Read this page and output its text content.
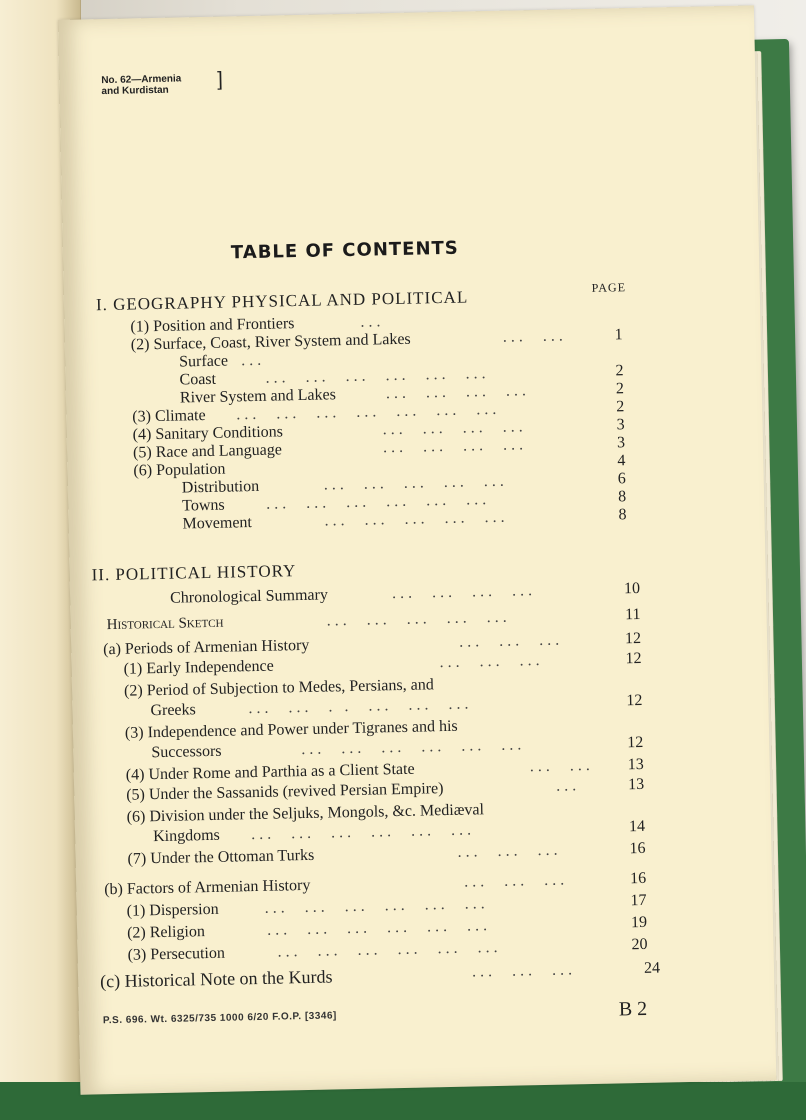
No. 62—Armenia
and Kurdistan
]
TABLE OF CONTENTS
I. GEOGRAPHY PHYSICAL AND POLITICAL	PAGE
(1) Position and Frontiers	...
(2) Surface, Coast, River System and Lakes	...  ...	1
Surface ...
Coast	...  ...  ...  ...  ...  ...	2
River System and Lakes	...  ...  ...  ...	2
(3) Climate ...  ...  ...  ...  ...  ...  ...	2
(4) Sanitary Conditions	...  ...  ...  ...	3
(5) Race and Language	...  ...  ...  ...	3
(6) Population	4
Distribution	...  ...  ...  ...  ...	6
Towns	...  ...  ...  ...  ...  ...	8
Movement	...  ...  ...  ...  ...	8
II. POLITICAL HISTORY
Chronological Summary	...  ...  ...  ...	10
Historical Sketch	...  ...  ...  ...  ...	11
(a) Periods of Armenian History	...  ...  ...	12
(1) Early Independence	...  ...  ...	12
(2) Period of Subjection to Medes, Persians, and
Greeks	...  ...  . .  ...  ...  ...	12
(3) Independence and Power under Tigranes and his
Successors	...  ...  ...  ...  ...  ...	12
(4) Under Rome and Parthia as a Client State	...  ...	13
(5) Under the Sassanids (revived Persian Empire)	...	13
(6) Division under the Seljuks, Mongols, &c. Mediæval
Kingdoms ...  ...  ...  ...  ...  ...	14
(7) Under the Ottoman Turks	...  ...  ...	16
(b) Factors of Armenian History	...  ...  ...	16
(1) Dispersion	...  ...  ...  ...  ...  ...	17
(2) Religion	...  ...  ...  ...  ...  ...	19
(3) Persecution	...  ...  ...  ...  ...  ...	20
(c) Historical Note on the Kurds	...  ...  ...	24
P.S. 696. Wt. 6325/735 1000 6/20 F.O.P. [3346]	B 2
